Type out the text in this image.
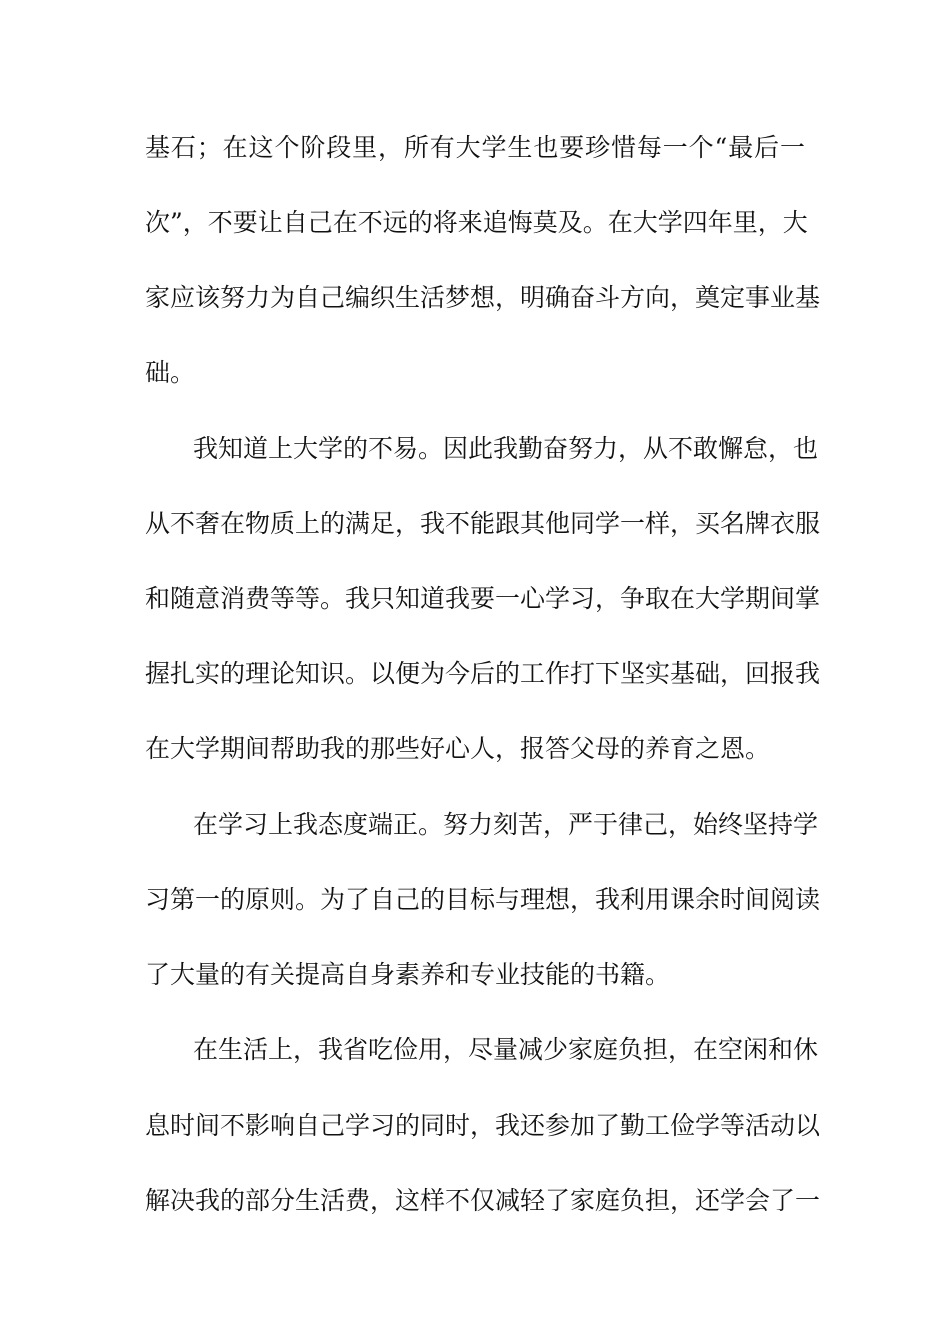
基石；在这个阶段里，所有大学生也要珍惜每一个“最后一
次”，不要让自己在不远的将来追悔莫及。在大学四年里，大
家应该努力为自己编织生活梦想，明确奋斗方向，奠定事业基
础。
我知道上大学的不易。因此我勤奋努力，从不敢懈怠，也
从不奢在物质上的满足，我不能跟其他同学一样，买名牌衣服
和随意消费等等。我只知道我要一心学习，争取在大学期间掌
握扎实的理论知识。以便为今后的工作打下坚实基础，回报我
在大学期间帮助我的那些好心人，报答父母的养育之恩。
在学习上我态度端正。努力刻苦，严于律己，始终坚持学
习第一的原则。为了自己的目标与理想，我利用课余时间阅读
了大量的有关提高自身素养和专业技能的书籍。
在生活上，我省吃俭用，尽量减少家庭负担，在空闲和休
息时间不影响自己学习的同时，我还参加了勤工俭学等活动以
解决我的部分生活费，这样不仅减轻了家庭负担，还学会了一
